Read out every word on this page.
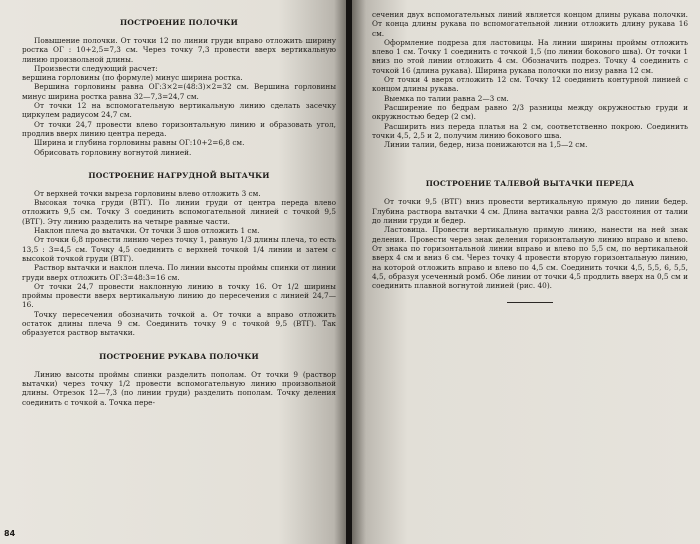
ПОСТРОЕНИЕ ПОЛОЧКИ

Повышение полочки. От точки 12 по линии груди вправо отложить ширину ростка ОГ : 10+2,5=7,3 см. Через точку 7,3 провести вверх вертикальную линию произвольной длины.

Произвести следующий расчет:

вершина горловины (по формуле) минус ширина ростка.

Вершина горловины равна ОГ:3×2=(48:3)×2=32 см. Вершина горловины минус ширина ростка равна 32—7,3=24,7 см.

От точки 12 на вспомогательную вертикальную линию сделать засечку циркулем радиусом 24,7 см.

От точки 24,7 провести влево горизонтальную линию и образовать угол, продлив вверх линию центра переда.

Ширина и глубина горловины равны ОГ:10+2=6,8 см.

Обрисовать горловину вогнутой линией.

ПОСТРОЕНИЕ НАГРУДНОЙ ВЫТАЧКИ

От верхней точки выреза горловины влево отложить 3 см.

Высокая точка груди (ВТГ). По линии груди от центра переда влево отложить 9,5 см. Точку 3 соединить вспомогательной линией с точкой 9,5 (ВТГ). Эту линию разделить на четыре равные части.

Наклон плеча до вытачки. От точки 3 шов отложить 1 см.

От точки 6,8 провести линию через точку 1, равную 1/3 длины плеча, то есть 13,5 : 3=4,5 см. Точку 4,5 соединить с верхней точкой 1/4 линии и затем с высокой точкой груди (ВТГ).

Раствор вытачки и наклон плеча. По линии высоты проймы спинки от линии груди вверх отложить ОГ:3=48:3=16 см.

От точки 24,7 провести наклонную линию в точку 16. От 1/2 ширины проймы провести вверх вертикальную линию до пересечения с линией 24,7—16.

Точку пересечения обозначить точкой а. От точки а вправо отложить остаток длины плеча 9 см. Соединить точку 9 с точкой 9,5 (ВТГ). Так образуется раствор вытачки.

ПОСТРОЕНИЕ РУКАВА ПОЛОЧКИ

Линию высоты проймы спинки разделить пополам. От точки 9 (раствор вытачки) через точку 1/2 провести вспомогательную линию произвольной длины. Отрезок 12—7,3 (по линии груди) разделить пополам. Точку деления соединить с точкой а. Точка пере-

84

сечения двух вспомогательных линий является концом длины рукава полочки. От конца длины рукава по вспомогательной линии отложить длину рукава 16 см.

Оформление подреза для ластовицы. На линии ширины проймы отложить влево 1 см. Точку 1 соединить с точкой 1,5 (по линии бокового шва). От точки 1 вниз по этой линии отложить 4 см. Обозначить подрез. Точку 4 соединить с точкой 16 (длина рукава). Ширина рукава полочки по низу равна 12 см.

От точки 4 вверх отложить 12 см. Точку 12 соединить контурной линией с концом длины рукава.

Выемка по талии равна 2—3 см.

Расширение по бедрам равно 2/3 разницы между окружностью груди и окружностью бедер (2 см).

Расширить низ переда платья на 2 см, соответственно покрою. Соединить точки 4,5, 2,5 и 2, получим линию бокового шва.

Линии талии, бедер, низа понижаются на 1,5—2 см.

ПОСТРОЕНИЕ ТАЛЕВОЙ ВЫТАЧКИ ПЕРЕДА

От точки 9,5 (ВТГ) вниз провести вертикальную прямую до линии бедер. Глубина раствора вытачки 4 см. Длина вытачки равна 2/3 расстояния от талии до линии груди и бедер.

Ластовица. Провести вертикальную прямую линию, нанести на ней знак деления. Провести через знак деления горизонтальную линию вправо и влево. От знака по горизонтальной линии вправо и влево по 5,5 см, по вертикальной вверх 4 см и вниз 6 см. Через точку 4 провести вторую горизонтальную линию, на которой отложить вправо и влево по 4,5 см. Соединить точки 4,5, 5,5, 6, 5,5, 4,5, образуя усеченный ромб. Обе линии от точки 4,5 продлить вверх на 0,5 см и соединить плавной вогнутой линией (рис. 40).
